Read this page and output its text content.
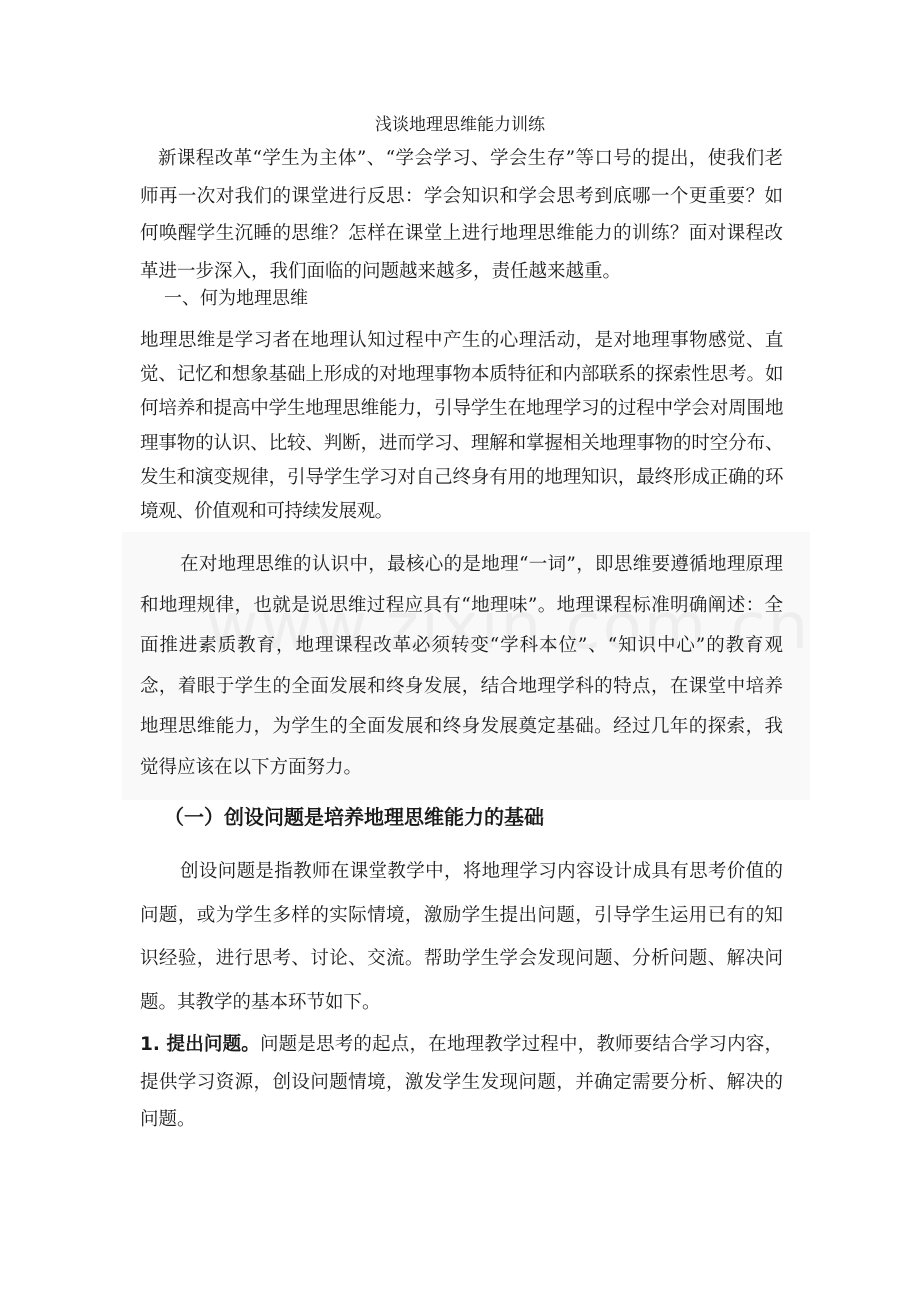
浅谈地理思维能力训练
新课程改革“学生为主体”、“学会学习、学会生存”等口号的提出，使我们老师再一次对我们的课堂进行反思：学会知识和学会思考到底哪一个更重要？如何唤醒学生沉睡的思维？怎样在课堂上进行地理思维能力的训练？面对课程改革进一步深入，我们面临的问题越来越多，责任越来越重。
一、何为地理思维
地理思维是学习者在地理认知过程中产生的心理活动，是对地理事物感觉、直觉、记忆和想象基础上形成的对地理事物本质特征和内部联系的探索性思考。如何培养和提高中学生地理思维能力，引导学生在地理学习的过程中学会对周围地理事物的认识、比较、判断，进而学习、理解和掌握相关地理事物的时空分布、发生和演变规律，引导学生学习对自己终身有用的地理知识，最终形成正确的环境观、价值观和可持续发展观。
在对地理思维的认识中，最核心的是地理“一词”，即思维要遵循地理原理和地理规律，也就是说思维过程应具有“地理味”。地理课程标准明确阐述：全面推进素质教育，地理课程改革必须转变“学科本位”、“知识中心”的教育观念，着眼于学生的全面发展和终身发展，结合地理学科的特点，在课堂中培养地理思维能力，为学生的全面发展和终身发展奠定基础。经过几年的探索，我觉得应该在以下方面努力。
（一）创设问题是培养地理思维能力的基础
创设问题是指教师在课堂教学中，将地理学习内容设计成具有思考价值的问题，或为学生多样的实际情境，激励学生提出问题，引导学生运用已有的知识经验，进行思考、讨论、交流。帮助学生学会发现问题、分析问题、解决问题。其教学的基本环节如下。
1. 提出问题。问题是思考的起点，在地理教学过程中，教师要结合学习内容，提供学习资源，创设问题情境，激发学生发现问题，并确定需要分析、解决的问题。
